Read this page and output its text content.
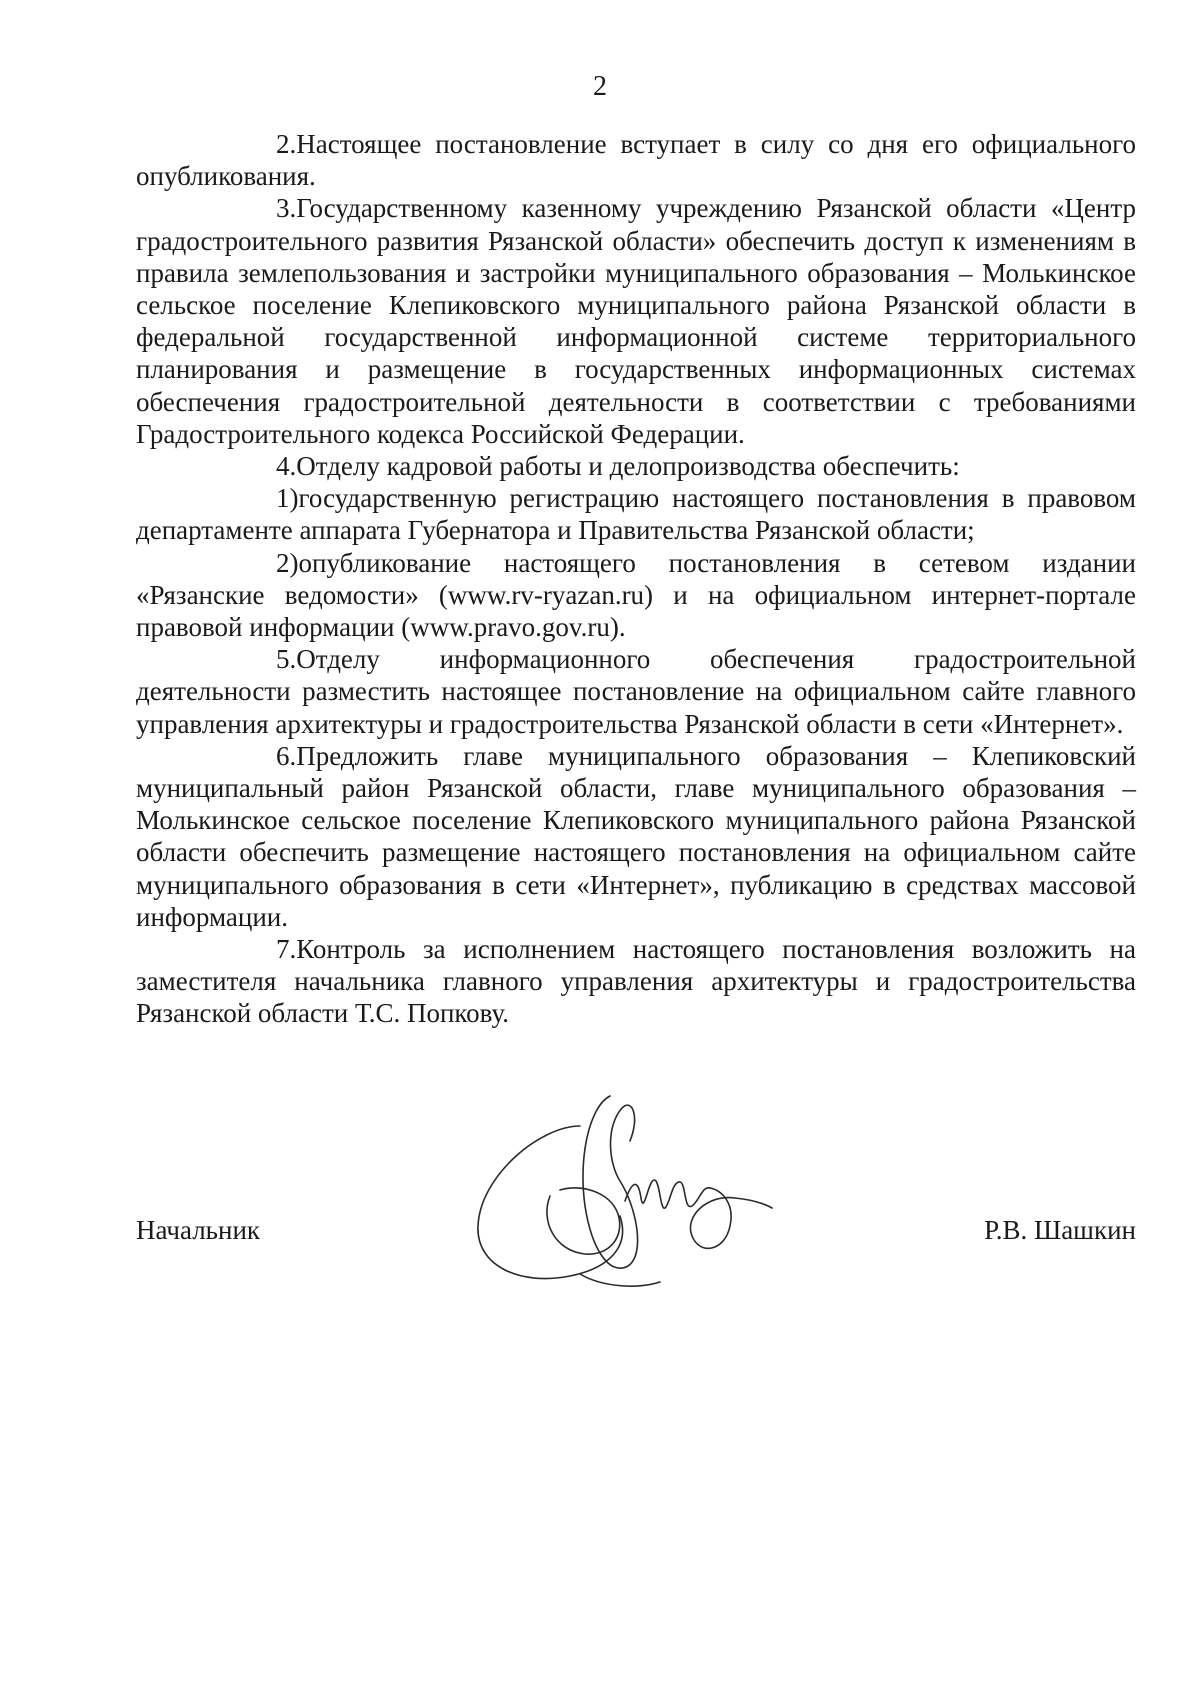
2

2.Настоящее постановление вступает в силу со дня его официального опубликования.

3.Государственному казенному учреждению Рязанской области «Центр градостроительного развития Рязанской области» обеспечить доступ к изменениям в правила землепользования и застройки муниципального образования – Молькинское сельское поселение Клепиковского муниципального района Рязанской области в федеральной государственной информационной системе территориального планирования и размещение в государственных информационных системах обеспечения градостроительной деятельности в соответствии с требованиями Градостроительного кодекса Российской Федерации.

4.Отделу кадровой работы и делопроизводства обеспечить:

1)государственную регистрацию настоящего постановления в правовом департаменте аппарата Губернатора и Правительства Рязанской области;

2)опубликование настоящего постановления в сетевом издании «Рязанские ведомости» (www.rv-ryazan.ru) и на официальном интернет-портале правовой информации (www.pravo.gov.ru).

5.Отделу информационного обеспечения градостроительной деятельности разместить настоящее постановление на официальном сайте главного управления архитектуры и градостроительства Рязанской области в сети «Интернет».

6.Предложить главе муниципального образования – Клепиковский муниципальный район Рязанской области, главе муниципального образования – Молькинское сельское поселение Клепиковского муниципального района Рязанской области обеспечить размещение настоящего постановления на официальном сайте муниципального образования в сети «Интернет», публикацию в средствах массовой информации.

7.Контроль за исполнением настоящего постановления возложить на заместителя начальника главного управления архитектуры и градостроительства Рязанской области Т.С. Попкову.

Начальник	Р.В. Шашкин
